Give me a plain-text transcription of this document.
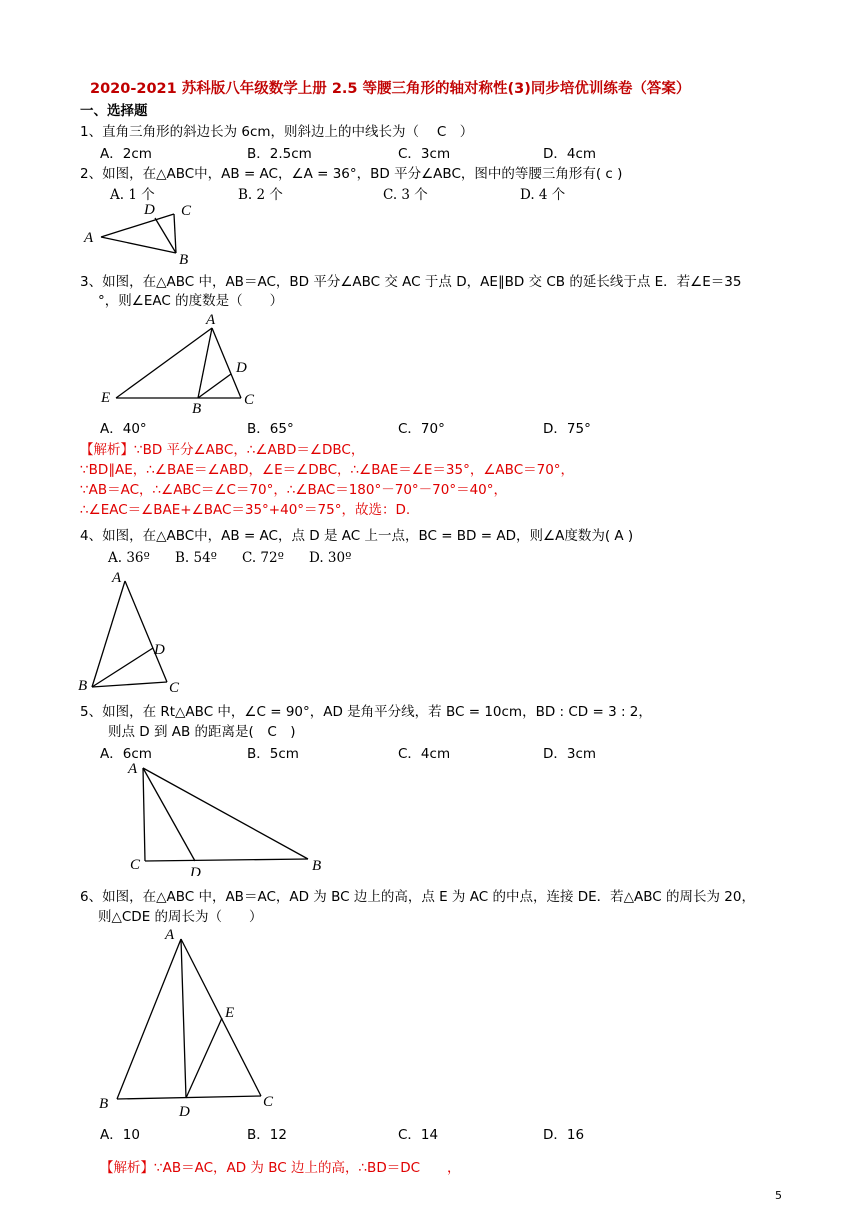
2020-2021 苏科版八年级数学上册 2.5 等腰三角形的轴对称性(3)同步培优训练卷（答案）
一、选择题
1、直角三角形的斜边长为 6cm，则斜边上的中线长为（　 C　）
A．2cm	B．2.5cm	C．3cm	D．4cm
2、如图，在△ABC中，AB = AC，∠A = 36°，BD 平分∠ABC，图中的等腰三角形有( c )
A. 1 个	B. 2 个	C. 3 个	D. 4 个
A
B
C
D
3、如图，在△ABC 中，AB＝AC，BD 平分∠ABC 交 AC 于点 D，AE∥BD 交 CB 的延长线于点 E．若∠E＝35
°，则∠EAC 的度数是（　　）
A
D
E
B
C
A．40°	B．65°	C．70°	D．75°
【解析】∵BD 平分∠ABC，∴∠ABD＝∠DBC，
∵BD∥AE，∴∠BAE＝∠ABD，∠E＝∠DBC，∴∠BAE＝∠E＝35°，∠ABC＝70°，
∵AB＝AC，∴∠ABC＝∠C＝70°，∴∠BAC＝180°－70°－70°＝40°，
∴∠EAC＝∠BAE+∠BAC＝35°+40°＝75°，故选：D.
4、如图，在△ABC中，AB = AC，点 D 是 AC 上一点，BC = BD = AD，则∠A度数为( A )
A. 36º B. 54º C. 72º D. 30º
A
D
B	C
5、如图，在 Rt△ABC 中，∠C = 90°，AD 是角平分线，若 BC = 10cm，BD : CD = 3 : 2，
则点 D 到 AB 的距离是(　C　)
A．6cm	B．5cm	C．4cm	D．3cm
A
C	D	B
6、如图，在△ABC 中，AB＝AC，AD 为 BC 边上的高，点 E 为 AC 的中点，连接 DE．若△ABC 的周长为 20，
则△CDE 的周长为（　　）
A
E
B	D
C
A．10	B．12	C．14	D．16
【解析】∵AB＝AC，AD 为 BC 边上的高，∴BD＝DC　　，
5
